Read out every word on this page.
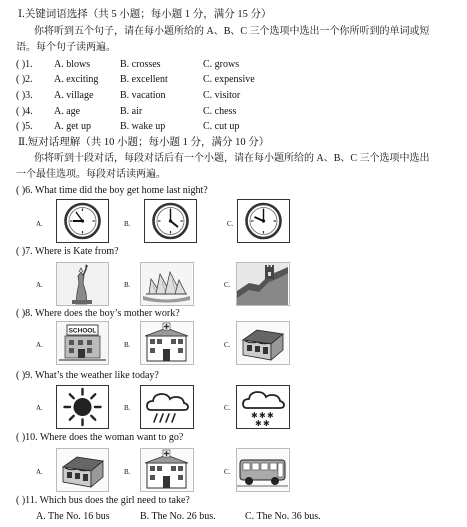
Ⅰ.关键词语选择（共 5 小题；每小题 1 分，满分 15 分）
你将听到五个句子，请在每小题所给的 A、B、C 三个选项中选出一个你所听到的单词或短
语。每个句子读两遍。
( )1. A. blows	B. crosses	C. grows
( )2. A. exciting B. excellent	C. expensive
( )3. A. village	B. vacation	C. visitor
( )4. A. age	B. air	C. chess
( )5. A. get up	B. wake up	C. cut up
Ⅱ.短对话理解（共 10 小题；每小题 1 分，满分 10 分）
你将听到十段对话，每段对话后有一个小题，请在每小题所给的 A、B、C 三个选项中选出
一个最佳选项。每段对话读两遍。
( )6. What time did the boy get home last night?
A.	B.	C.
( )7. Where is Kate from?
A.	B.	C.
( )8. Where does the boy’s mother work?
A.
SCHOOL
B.	C.
( )9. What’s the weather like today?
A.	B.	C.
✱ ✱ ✱
✱ ✱
( )10. Where does the woman want to go?
A.	B.	C.
( )11. Which bus does the girl need to take?
A. The No. 16 bus	B. The No. 26 bus.	C. The No. 36 bus.
